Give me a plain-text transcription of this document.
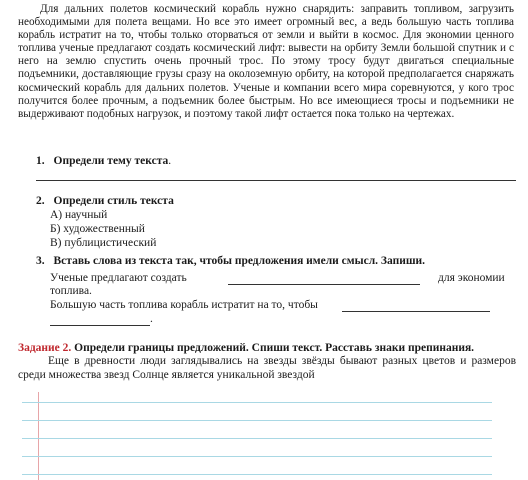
Для дальних полетов космический корабль нужно снарядить: заправить топливом, загрузить необходимыми для полета вещами. Но все это имеет огромный вес, а ведь большую часть топлива корабль истратит на то, чтобы только оторваться от земли и выйти в космос. Для экономии ценного топлива ученые предлагают создать космический лифт: вывести на орбиту Земли большой спутник и с него на землю спустить очень прочный трос. По этому тросу будут двигаться специальные подъемники, доставляющие грузы сразу на околоземную орбиту, на которой предполагается снаряжать космический корабль для дальних полетов. Ученые и компании всего мира соревнуются, у кого трос получится более прочным, а подъемник более быстрым. Но все имеющиеся тросы и подъемники не выдерживают подобных нагрузок, и поэтому такой лифт остается пока только на чертежах.

1. Определи тему текста.
2. Определи стиль текста
А) научный
Б) художественный
В) публицистический
3. Вставь слова из текста так, чтобы предложения имели смысл. Запиши.
Ученые предлагают создать	для экономии
топлива.
Большую часть топлива корабль истратит на то, чтобы
.
Задание 2. Определи границы предложений. Спиши текст. Расставь знаки препинания.
Еще в древности люди заглядывались на звезды звёзды бывают разных цветов и размеров среди множества звезд Солнце является уникальной звездой
